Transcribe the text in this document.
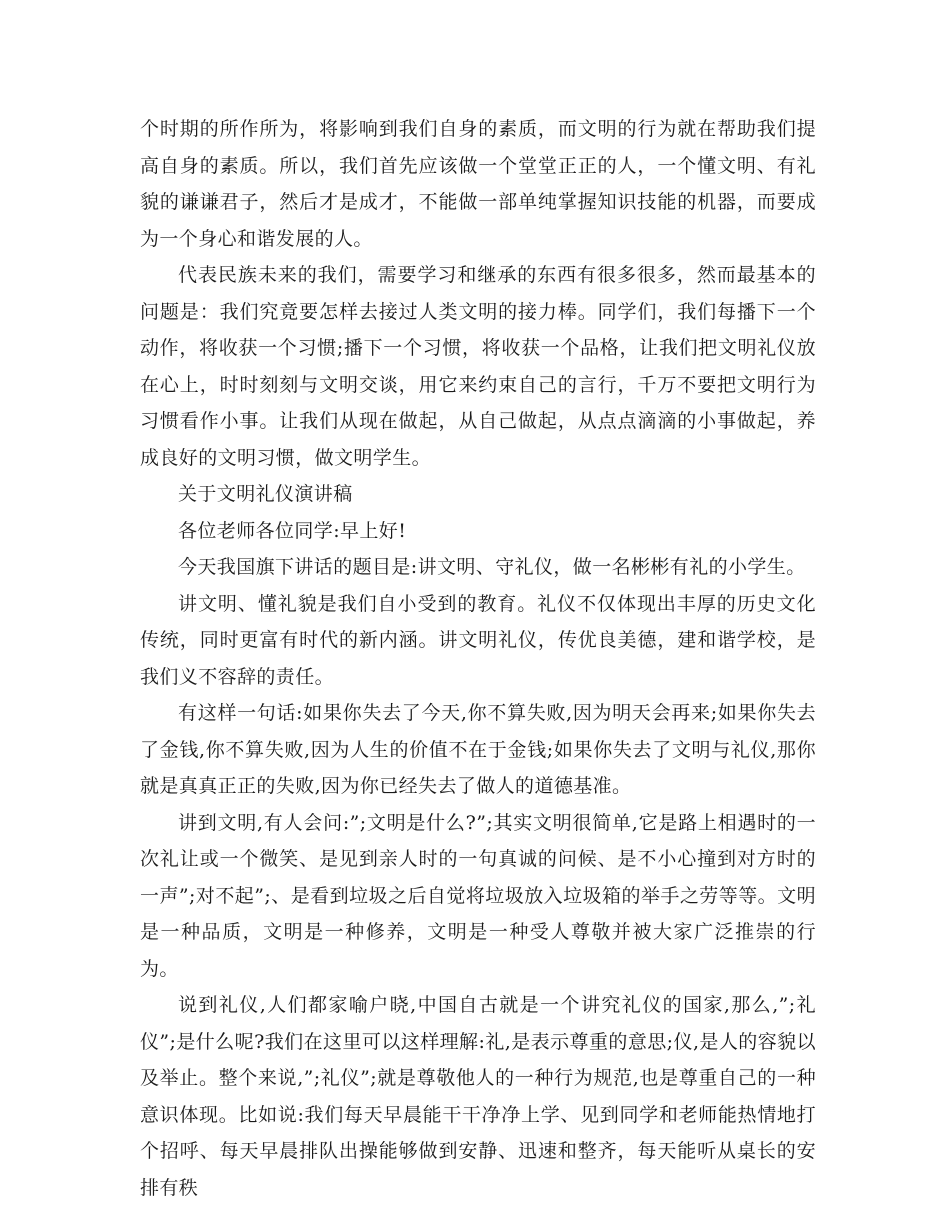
个时期的所作所为，将影响到我们自身的素质，而文明的行为就在帮助我们提高自身的素质。所以，我们首先应该做一个堂堂正正的人，一个懂文明、有礼貌的谦谦君子，然后才是成才，不能做一部单纯掌握知识技能的机器，而要成为一个身心和谐发展的人。

代表民族未来的我们，需要学习和继承的东西有很多很多，然而最基本的问题是：我们究竟要怎样去接过人类文明的接力棒。同学们，我们每播下一个动作，将收获一个习惯;播下一个习惯，将收获一个品格，让我们把文明礼仪放在心上，时时刻刻与文明交谈，用它来约束自己的言行，千万不要把文明行为习惯看作小事。让我们从现在做起，从自己做起，从点点滴滴的小事做起，养成良好的文明习惯，做文明学生。

关于文明礼仪演讲稿

各位老师各位同学:早上好!

今天我国旗下讲话的题目是:讲文明、守礼仪，做一名彬彬有礼的小学生。

讲文明、懂礼貌是我们自小受到的教育。礼仪不仅体现出丰厚的历史文化传统，同时更富有时代的新内涵。讲文明礼仪，传优良美德，建和谐学校，是我们义不容辞的责任。

有这样一句话:如果你失去了今天,你不算失败,因为明天会再来;如果你失去了金钱,你不算失败,因为人生的价值不在于金钱;如果你失去了文明与礼仪,那你就是真真正正的失败,因为你已经失去了做人的道德基准。

讲到文明,有人会问:”;文明是什么?”;其实文明很简单,它是路上相遇时的一次礼让或一个微笑、是见到亲人时的一句真诚的问候、是不小心撞到对方时的一声”;对不起”;、是看到垃圾之后自觉将垃圾放入垃圾箱的举手之劳等等。文明是一种品质，文明是一种修养，文明是一种受人尊敬并被大家广泛推崇的行为。

说到礼仪,人们都家喻户晓,中国自古就是一个讲究礼仪的国家,那么,”;礼仪”;是什么呢?我们在这里可以这样理解:礼,是表示尊重的意思;仪,是人的容貌以及举止。整个来说,”;礼仪”;就是尊敬他人的一种行为规范,也是尊重自己的一种意识体现。比如说:我们每天早晨能干干净净上学、见到同学和老师能热情地打个招呼、每天早晨排队出操能够做到安静、迅速和整齐，每天能听从桌长的安排有秩
